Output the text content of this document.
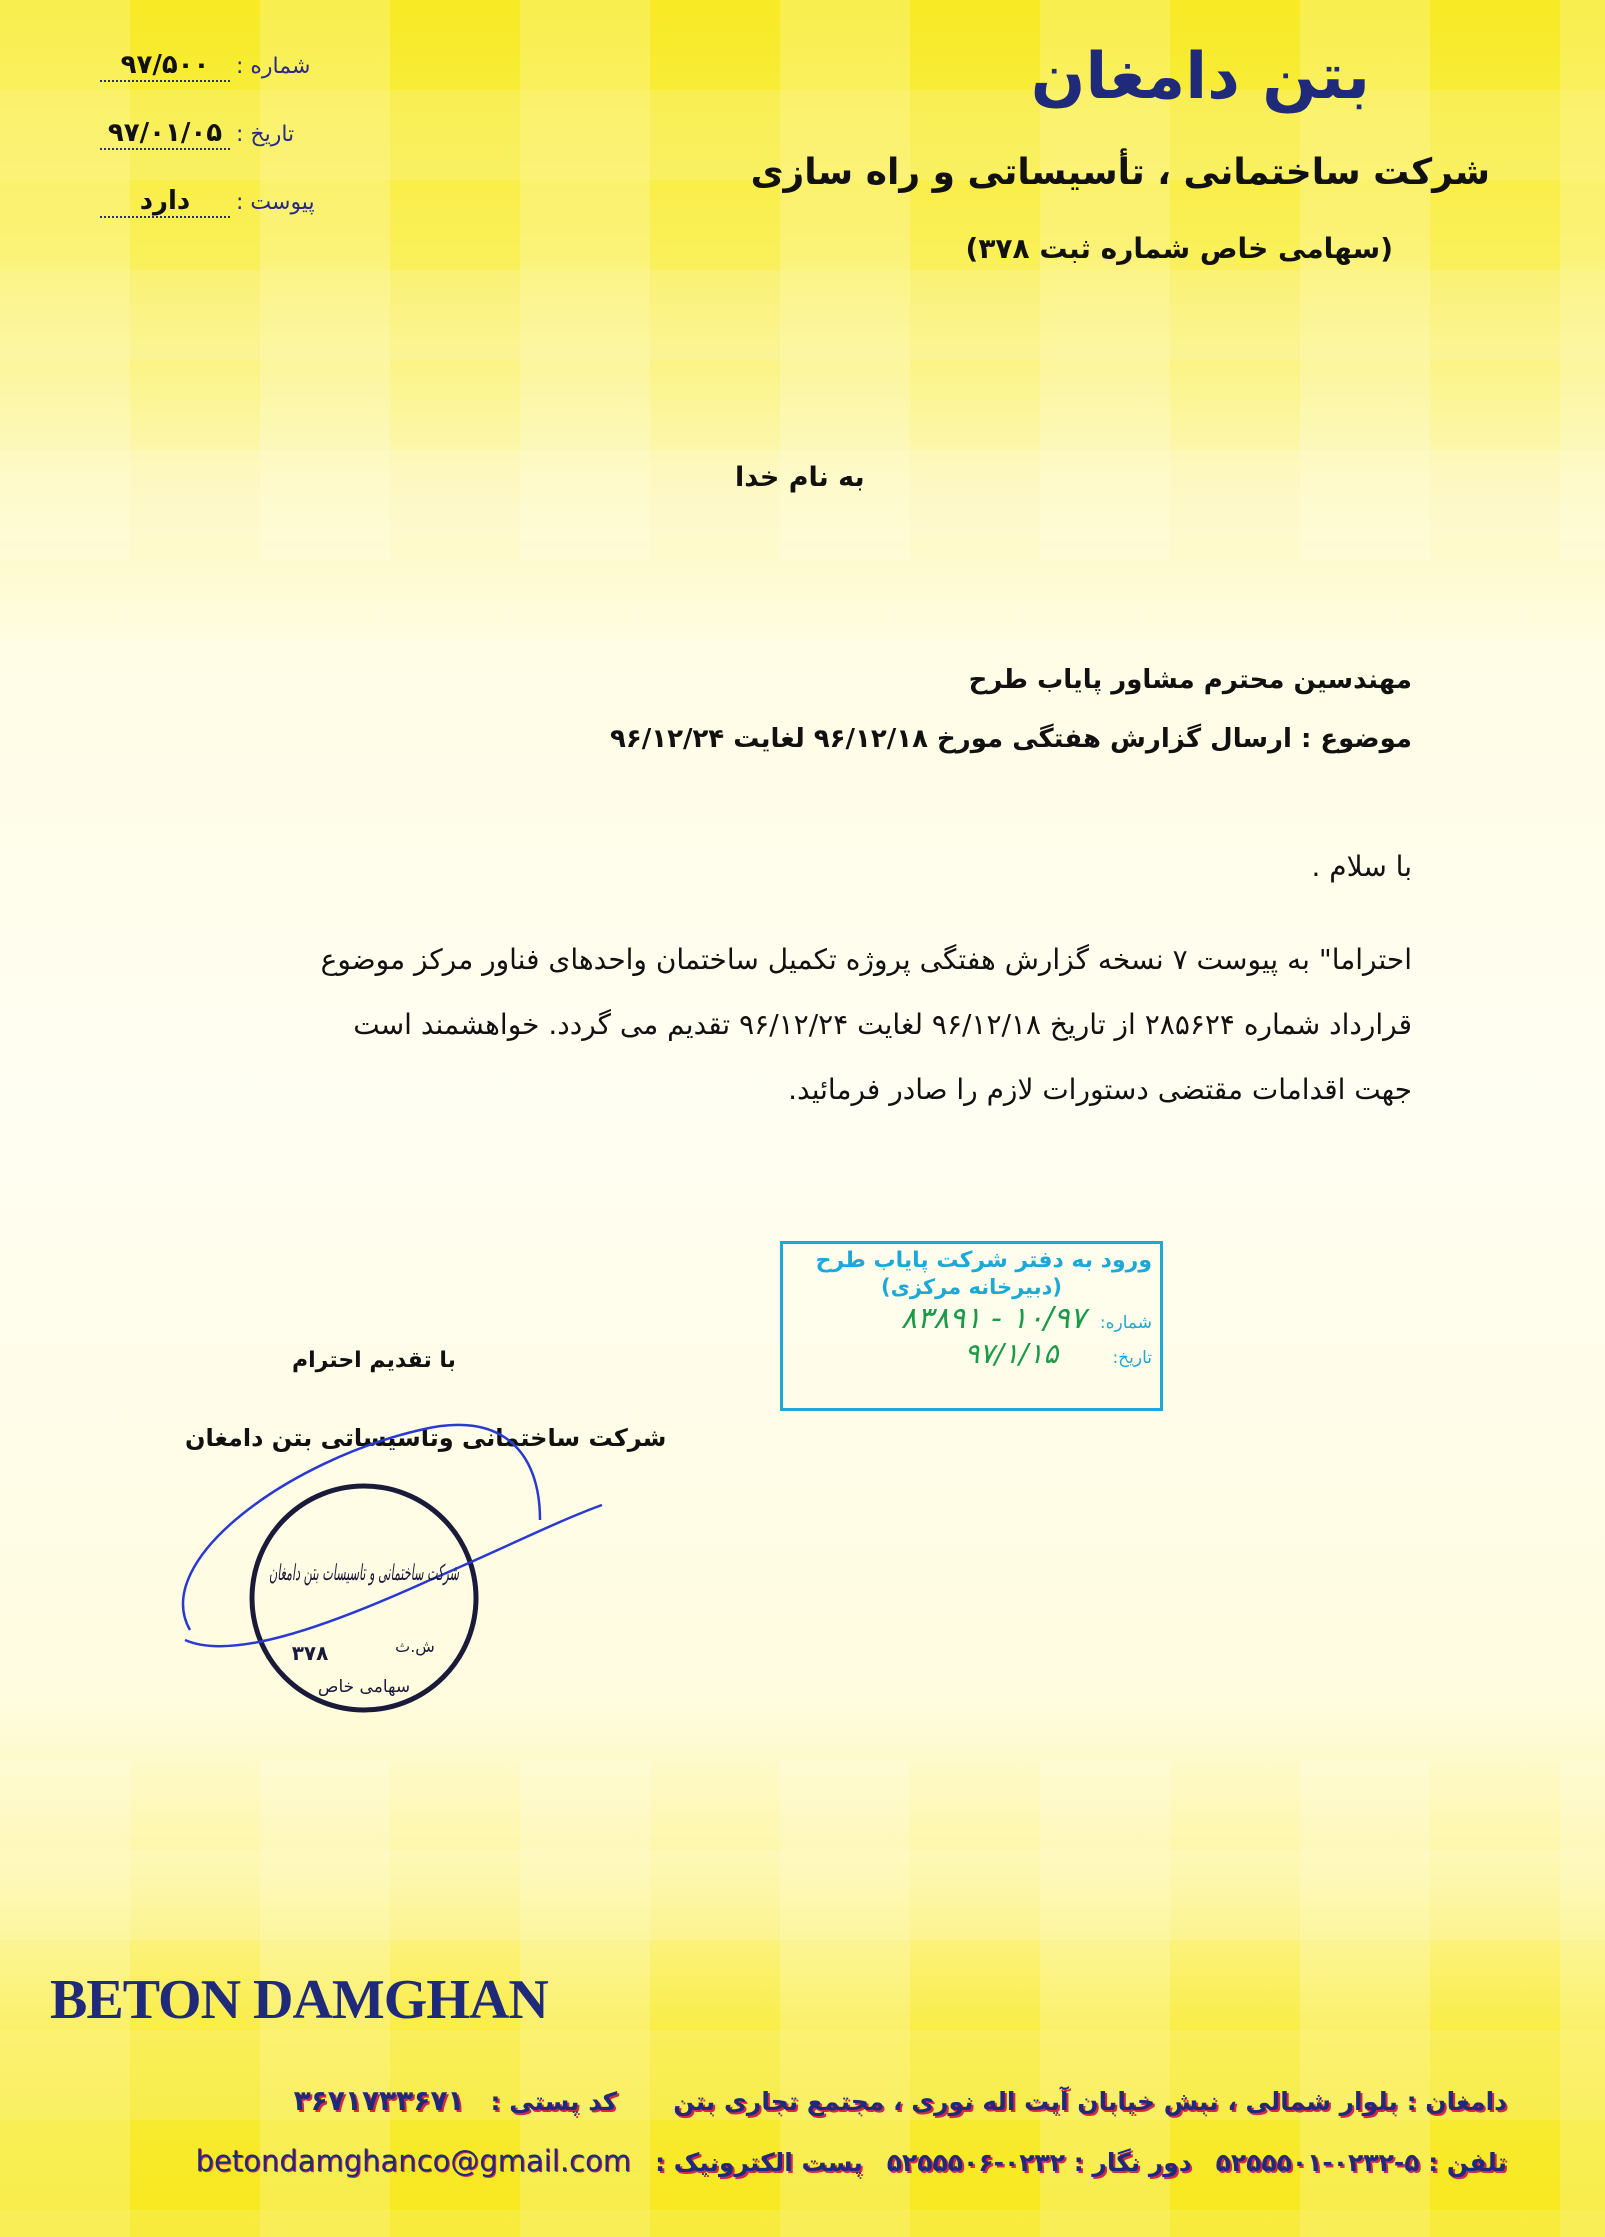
بتن دامغان
شرکت ساختمانی ، تأسیساتی و راه سازی
(سهامی خاص شماره ثبت ۳۷۸)
شماره :۹۷/۵۰۰
تاریخ :۹۷/۰۱/۰۵
پیوست :دارد
به نام خدا
مهندسین محترم مشاور پایاب طرح
موضوع : ارسال گزارش هفتگی مورخ ۹۶/۱۲/۱۸ لغایت ۹۶/۱۲/۲۴
با سلام .
احتراما" به پیوست ۷ نسخه گزارش هفتگی پروژه تکمیل ساختمان واحدهای فناور مرکز موضوع
قرارداد شماره ۲۸۵۶۲۴ از تاریخ ۹۶/۱۲/۱۸ لغایت ۹۶/۱۲/۲۴ تقدیم می گردد. خواهشمند است
جهت اقدامات مقتضی دستورات لازم را صادر فرمائید.
ورود به دفتر شرکت پایاب طرح
(دبیرخانه مرکزی)
شماره:
۱۰/۹۷ - ۸۳۸۹۱
تاریخ:
۹۷/۱/۱۵
با تقدیم احترام
شرکت ساختمانی وتاسیساتی بتن دامغان
شرکت ساختمانی و تاسیسات بتن دامغان
ش.ث
۳۷۸
سهامی خاص
BETON DAMGHAN
دامغان : بلوار شمالی ، نبش خیابان آیت اله نوری ، مجتمع تجاری بتن
کد پستی :
۳۶۷۱۷۳۳۶۷۱
تلفن : ۵-۰۲۳۲-۵۲۵۵۵۰۱
دور نگار : ۰۲۳۲-۵۲۵۵۵۰۶
پست الکترونیک :
betondamghanco@gmail.com
